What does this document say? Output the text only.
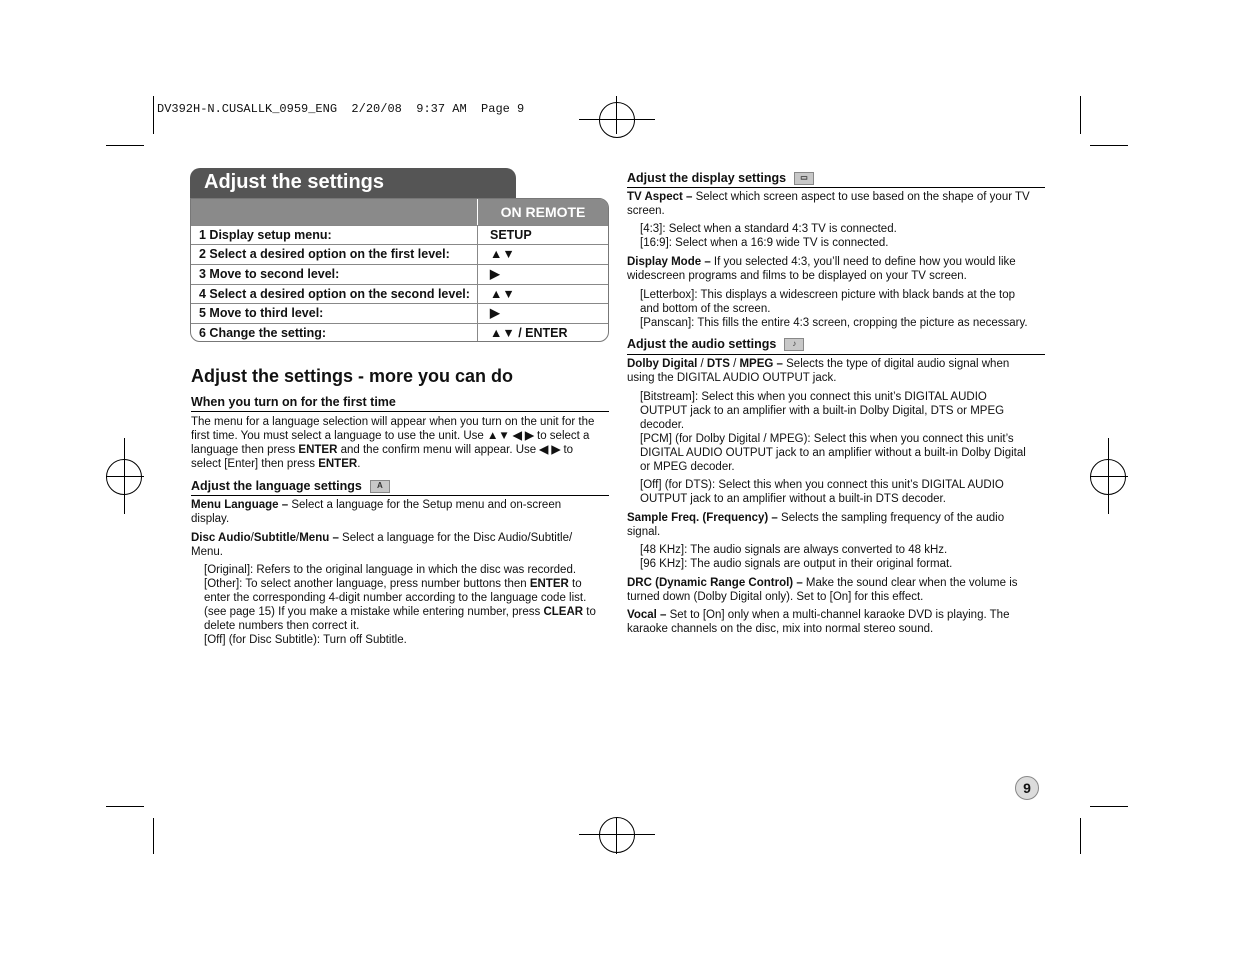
DV392H-N.CUSALLK_0959_ENG  2/20/08  9:37 AM  Page 9
Adjust the settings
ON REMOTE
1 Display setup menu:	SETUP
2 Select a desired option on the first level:	▲▼
3 Move to second level:	▶
4 Select a desired option on the second level: ▲▼
5 Move to third level:	▶
6 Change the setting:	▲▼ / ENTER
Adjust the settings - more you can do
When you turn on for the first time
The menu for a language selection will appear when you turn on the unit for the
first time. You must select a language to use the unit. Use ▲▼ ◀ ▶ to select a
language then press ENTER and the confirm menu will appear. Use ◀ ▶ to
select [Enter] then press ENTER.
Adjust the language settings A
Menu Language – Select a language for the Setup menu and on-screen
display.
Disc Audio/Subtitle/Menu – Select a language for the Disc Audio/Subtitle/
Menu.
[Original]: Refers to the original language in which the disc was recorded.
[Other]: To select another language, press number buttons then ENTER to
enter the corresponding 4-digit number according to the language code list.
(see page 15) If you make a mistake while entering number, press CLEAR to
delete numbers then correct it.
[Off] (for Disc Subtitle): Turn off Subtitle.
Adjust the display settings ▭
TV Aspect – Select which screen aspect to use based on the shape of your TV
screen.
[4:3]: Select when a standard 4:3 TV is connected.
[16:9]: Select when a 16:9 wide TV is connected.
Display Mode – If you selected 4:3, you’ll need to define how you would like
widescreen programs and films to be displayed on your TV screen.
[Letterbox]: This displays a widescreen picture with black bands at the top
and bottom of the screen.
[Panscan]: This fills the entire 4:3 screen, cropping the picture as necessary.
Adjust the audio settings ♪
Dolby Digital / DTS / MPEG – Selects the type of digital audio signal when
using the DIGITAL AUDIO OUTPUT jack.
[Bitstream]: Select this when you connect this unit’s DIGITAL AUDIO
OUTPUT jack to an amplifier with a built-in Dolby Digital, DTS or MPEG
decoder.
[PCM] (for Dolby Digital / MPEG): Select this when you connect this unit’s
DIGITAL AUDIO OUTPUT jack to an amplifier without a built-in Dolby Digital
or MPEG decoder.
[Off] (for DTS): Select this when you connect this unit’s DIGITAL AUDIO
OUTPUT jack to an amplifier without a built-in DTS decoder.
Sample Freq. (Frequency) – Selects the sampling frequency of the audio
signal.
[48 KHz]: The audio signals are always converted to 48 kHz.
[96 KHz]: The audio signals are output in their original format.
DRC (Dynamic Range Control) – Make the sound clear when the volume is
turned down (Dolby Digital only). Set to [On] for this effect.
Vocal – Set to [On] only when a multi-channel karaoke DVD is playing. The
karaoke channels on the disc, mix into normal stereo sound.
9
